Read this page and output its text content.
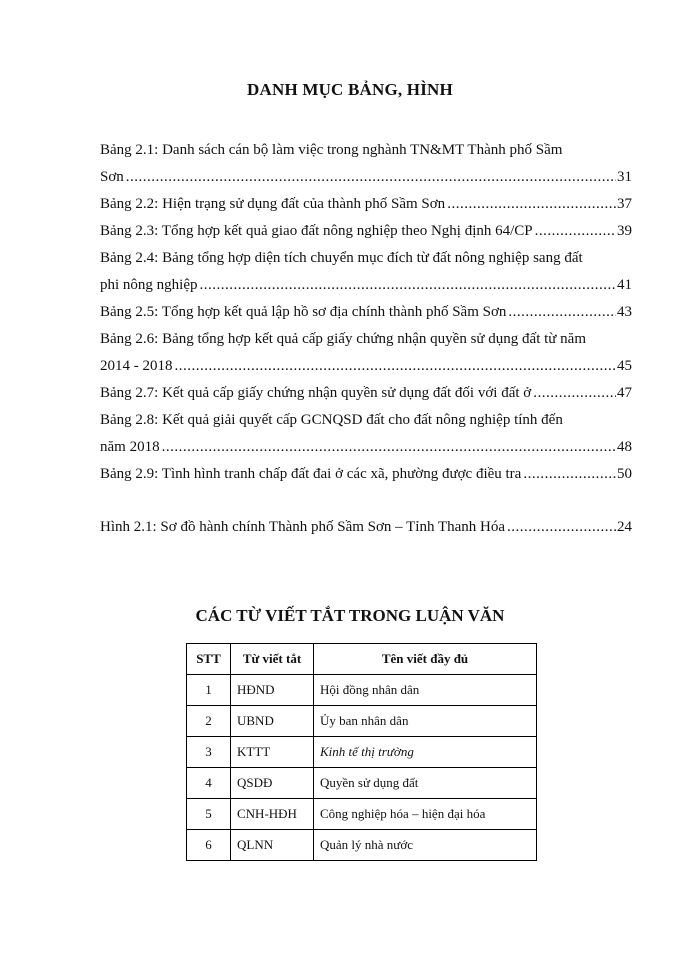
DANH MỤC BẢNG, HÌNH
Bảng 2.1: Danh sách cán bộ làm việc trong nghành TN&MT Thành phố Sầm
Sơn .....	31
Bảng 2.2: Hiện trạng sử dụng đất của thành phố Sầm Sơn .....	37
Bảng 2.3: Tổng hợp kết quả giao đất nông nghiệp theo Nghị định 64/CP .....	39
Bảng 2.4: Bảng tổng hợp diện tích chuyển mục đích từ đất nông nghiệp sang đất
phi nông nghiệp .....	41
Bảng 2.5: Tổng hợp kết quả lập hồ sơ địa chính thành phố Sầm Sơn .....	43
Bảng 2.6: Bảng tổng hợp kết quả cấp giấy chứng nhận quyền sử dụng đất từ năm
2014 - 2018 .....	45
Bảng 2.7: Kết quả cấp giấy chứng nhận quyền sử dụng đất đối với đất ở .....	47
Bảng 2.8: Kết quả giải quyết cấp GCNQSD đất cho đất nông nghiệp tính đến
năm 2018 .....	48
Bảng 2.9: Tình hình tranh chấp đất đai ở các xã, phường được điều tra .....	50
Hình 2.1: Sơ đồ hành chính Thành phố Sầm Sơn – Tỉnh Thanh Hóa .....	24
CÁC TỪ VIẾT TẮT TRONG LUẬN VĂN
STT	Từ viết tắt	Tên viết đầy đủ
1	HĐND	Hội đồng nhân dân
2	UBND	Ủy ban nhân dân
3	KTTT	Kinh tế thị trường
4	QSDĐ	Quyền sử dụng đất
5	CNH-HĐH	Công nghiệp hóa – hiện đại hóa
6	QLNN	Quản lý nhà nước
